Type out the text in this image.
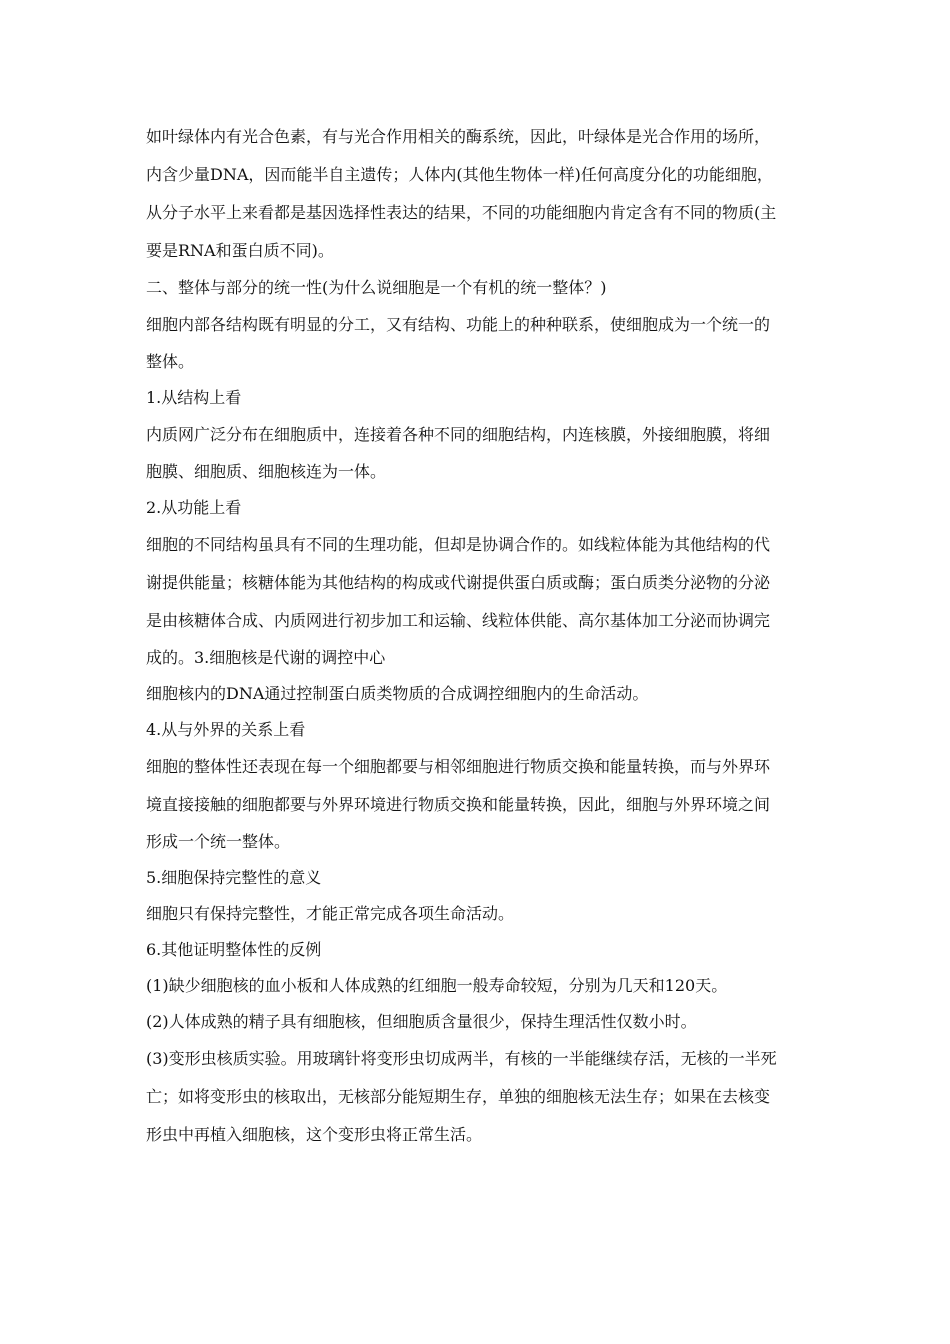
如叶绿体内有光合色素，有与光合作用相关的酶系统，因此，叶绿体是光合作用的场所，

内含少量DNA，因而能半自主遗传；人体内(其他生物体一样)任何高度分化的功能细胞，

从分子水平上来看都是基因选择性表达的结果，不同的功能细胞内肯定含有不同的物质(主

要是RNA和蛋白质不同)。

二、整体与部分的统一性(为什么说细胞是一个有机的统一整体？)

细胞内部各结构既有明显的分工，又有结构、功能上的种种联系，使细胞成为一个统一的

整体。

1.从结构上看

内质网广泛分布在细胞质中，连接着各种不同的细胞结构，内连核膜，外接细胞膜，将细

胞膜、细胞质、细胞核连为一体。

2.从功能上看

细胞的不同结构虽具有不同的生理功能，但却是协调合作的。如线粒体能为其他结构的代

谢提供能量；核糖体能为其他结构的构成或代谢提供蛋白质或酶；蛋白质类分泌物的分泌

是由核糖体合成、内质网进行初步加工和运输、线粒体供能、高尔基体加工分泌而协调完

成的。3.细胞核是代谢的调控中心

细胞核内的DNA通过控制蛋白质类物质的合成调控细胞内的生命活动。

4.从与外界的关系上看

细胞的整体性还表现在每一个细胞都要与相邻细胞进行物质交换和能量转换，而与外界环

境直接接触的细胞都要与外界环境进行物质交换和能量转换，因此，细胞与外界环境之间

形成一个统一整体。

5.细胞保持完整性的意义

细胞只有保持完整性，才能正常完成各项生命活动。

6.其他证明整体性的反例

(1)缺少细胞核的血小板和人体成熟的红细胞一般寿命较短，分别为几天和120天。

(2)人体成熟的精子具有细胞核，但细胞质含量很少，保持生理活性仅数小时。

(3)变形虫核质实验。用玻璃针将变形虫切成两半，有核的一半能继续存活，无核的一半死

亡；如将变形虫的核取出，无核部分能短期生存，单独的细胞核无法生存；如果在去核变

形虫中再植入细胞核，这个变形虫将正常生活。
